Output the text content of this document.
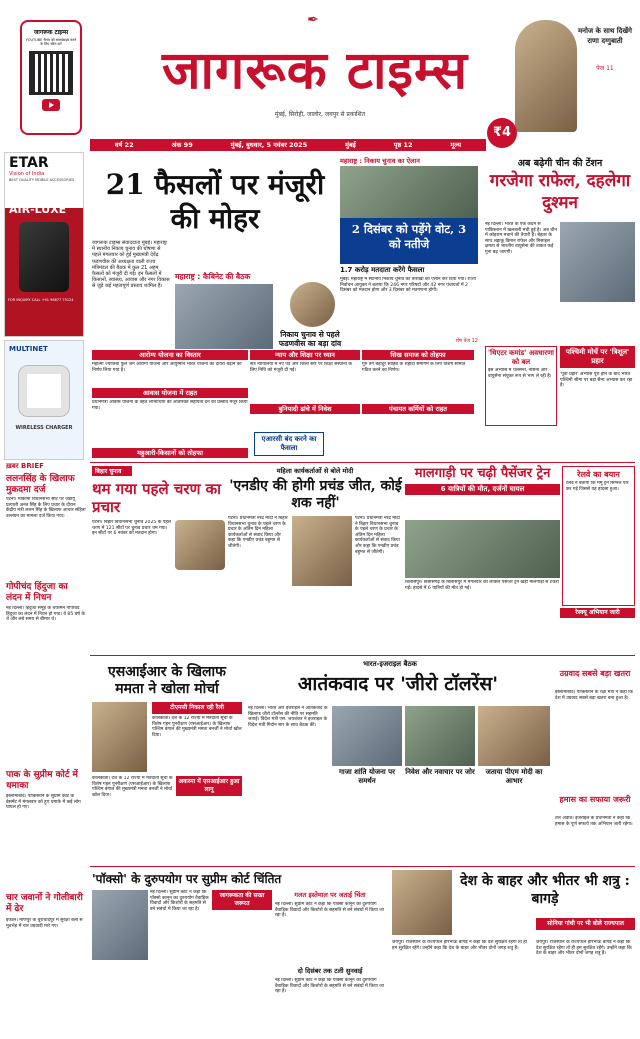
जागरूक टाइम्स
YOUTUBE चैनल को सब्सक्राइब करने के लिए स्कैन करें
✒
जागरूक टाइम्स
मुंबई, सिरोही, जालोर, जयपुर से प्रकाशित
मनोज के साथ दिखेंगे राणा दग्गुबाती
पेज 11
₹4
वर्ष 22	अंक 99	मुंबई, बुधवार, 5 नवंबर 2025	मुंबई	पृष्ठ 12	मूल्य
ETAR
Vision of India
BEST QUALITY MOBILE ACCESSORIES
AIR-LUXE
FOR INQUIRY CALL +91 98677 75124
MULTINET
WIRELESS CHARGER
ख़बर BRIEF
ललनसिंह के खिलाफ मुकदमा दर्ज
पटना। मोकामा विधानसभा सीट पर जेडीयू प्रत्याशी अनंत सिंह के लिए प्रचार के दौरान केंद्रीय मंत्री ललन सिंह के खिलाफ आचार संहिता उल्लंघन का मामला दर्ज किया गया।
गोपीचंद हिंदुजा का लंदन में निधन
नई दिल्ली। हिंदुजा समूह के चेयरमैन गोपीचंद हिंदुजा का लंदन में निधन हो गया। वे 85 वर्ष के थे और लंबे समय से बीमार थे।
पाक के सुप्रीम कोर्ट में धमाका
इस्लामाबाद। पाकिस्तान के सुप्रीम कोर्ट के बेसमेंट में मंगलवार को हुए धमाके में कई लोग घायल हो गए।
चार जवानों ने गोलीबारी में ढेर
इंफाल। मणिपुर के चुराचांदपुर में सुरक्षा बलों से मुठभेड़ में चार उग्रवादी मारे गए।
21 फैसलों पर मंजूरी की मोहर
जागरूक टाइम्स संवाददाता मुंबई। महाराष्ट्र में स्थानीय निकाय चुनाव की घोषणा से पहले मंगलवार को हुई मुख्यमंत्री देवेंद्र फडणवीस की अध्यक्षता वाली राज्य मंत्रिमंडल की बैठक में कुल 21 अहम फैसलों को मंजूरी दी गई। इन फैसलों में किसानों, स्वास्थ्य, आवास और नगर विकास से जुड़े कई महत्वपूर्ण प्रस्ताव शामिल हैं।
महाराष्ट्र : कैबिनेट की बैठक
निकाय चुनाव से पहले फडणवीस का बड़ा दांव
आरोग्य योजना का विस्तार
महात्मा ज्योतिबा फुले जन आरोग्य योजना और आयुष्मान भारत योजना का दायरा बढ़ाने का निर्णय लिया गया है।
आवास योजना में राहत
प्रधानमंत्री आवास योजना के तहत लाभार्थियों को अतिरिक्त सहायता देने का प्रस्ताव मंजूर किया गया।
महुआरी-किसानों को तोहफा
न्याय और शिक्षा पर ध्यान
सत्र न्यायालयों में नए पद और जिला स्तर पर शिक्षा संस्थानों के लिए निधि को मंजूरी दी गई।
सिख समाज को तोहफा
गुरु तेग बहादुर साहिब के शहीदी समागम के लिए विशेष समिति गठित करने का निर्णय।
बुनियादी ढांचे में निवेश	पंचायत कर्मियों को राहत
एआरसी बंद करने का फैसला
महाराष्ट्र : निकाय चुनाव का ऐलान
2 दिसंबर को पड़ेंगे वोट, 3 को नतीजे
1.7 करोड़ मतदाता करेंगे फैसला
मुंबई। महाराष्ट्र में स्थानीय निकाय चुनाव की तारीखों का ऐलान कर दिया गया। राज्य निर्वाचन आयुक्त ने बताया कि 246 नगर परिषदों और 42 नगर पंचायतों में 2 दिसंबर को मतदान होगा और 3 दिसंबर को मतगणना होगी।
शेष पेज 12
अब बढ़ेगी चीन की टेंशन
गरजेगा राफेल, दहलेगा दुश्मन
नई दिल्ली। भारत के एक कदम से पाकिस्तान में खलबली मची हुई है। अब चीन में कोहराम मचाने की तैयारी है। बेहतर के साथ लड़ाकू विमान राफेल और मिसाइल क्षमता से भारतीय वायुसेना की ताकत कई गुना बढ़ जाएगी।
'थिएटर कमांड' अवधारणा को बल
इस अभ्यास में थलसेना, नौसेना और वायुसेना संयुक्त रूप से भाग ले रही हैं।
पश्चिमी मोर्चे पर 'त्रिशूल' प्रहार
'पूर्वी प्रहार' अभ्यास पूरा होने के बाद भारत पश्चिमी सीमा पर बड़ा सैन्य अभ्यास कर रहा है।
बिहार चुनाव
थम गया पहले चरण का प्रचार
पटना। बिहार विधानसभा चुनाव 2025 के पहले चरण में 121 सीटों पर चुनाव प्रचार थम गया। इन सीटों पर 6 नवंबर को मतदान होगा।
महिला कार्यकर्ताओं से बोले मोदी
'एनडीए की होगी प्रचंड जीत, कोई शक नहीं'
पटना। प्रधानमंत्री नरेंद्र मोदी ने बिहार विधानसभा चुनाव के पहले चरण के प्रचार के अंतिम दिन महिला कार्यकर्ताओं से संवाद किया और कहा कि एनडीए प्रचंड बहुमत से जीतेगी।
पटना। प्रधानमंत्री नरेंद्र मोदी ने बिहार विधानसभा चुनाव के पहले चरण के प्रचार के अंतिम दिन महिला कार्यकर्ताओं से संवाद किया और कहा कि एनडीए प्रचंड बहुमत से जीतेगी।
मालगाड़ी पर चढ़ी पैसेंजर ट्रेन
6 यात्रियों की मौत, दर्जनों घायल
बिलासपुर। छत्तीसगढ़ के बिलासपुर में मंगलवार को लोकल पैसेंजर ट्रेन खड़ी मालगाड़ी से टकरा गई। हादसे में 6 यात्रियों की मौत हो गई।
रेस्क्यू अभियान जारी
रेलवे का बयान
रेलवे ने बताया कि मेमू ट्रेन सिग्नल पार कर गई जिससे यह हादसा हुआ।
एसआईआर के खिलाफ ममता ने खोला मोर्चा
टीएमसी निकाल रही रैली
कोलकाता। देश के 12 राज्यों में मतदाता सूची के विशेष गहन पुनरीक्षण (एसआईआर) के खिलाफ पश्चिम बंगाल की मुख्यमंत्री ममता बनर्जी ने मोर्चा खोल दिया।
कोलकाता। देश के 12 राज्यों में मतदाता सूची के विशेष गहन पुनरीक्षण (एसआईआर) के खिलाफ पश्चिम बंगाल की मुख्यमंत्री ममता बनर्जी ने मोर्चा खोल दिया।
अकस्मा में एसआईआर हुआ लागू
भारत-इजराइल बैठक
आतंकवाद पर 'जीरो टॉलरेंस'
नई दिल्ली। भारत और इजराइल ने आतंकवाद के खिलाफ जीरो टॉलरेंस की नीति पर सहमति जताई। विदेश मंत्री एस. जयशंकर ने इजराइल के विदेश मंत्री गिदोन सार के साथ बैठक की।
गाजा शांति योजना पर समर्थन
निवेश और नवाचार पर जोर	जताया पीएम मोदी का आभार
उग्रवाद सबसे बड़ा खतरा
इस्लामाबाद। पाकिस्तान के रक्षा मंत्री ने कहा कि देश में उग्रवाद सबसे बड़ा खतरा बना हुआ है।
हमास का सफाया जरूरी
तेल अवीव। इजराइल के प्रधानमंत्री ने कहा कि हमास के पूर्ण सफाये तक अभियान जारी रहेगा।
'पॉक्सो' के दुरुपयोग पर सुप्रीम कोर्ट चिंतित
नई दिल्ली। सुप्रीम कोर्ट ने कहा कि पॉक्सो कानून का दुरुपयोग वैवाहिक विवादों और किशोरों के सहमति से बने संबंधों में किया जा रहा है।
जागरूकता की सख्त जरूरत
गलत इस्तेमाल पर जताई चिंता
नई दिल्ली। सुप्रीम कोर्ट ने कहा कि पॉक्सो कानून का दुरुपयोग वैवाहिक विवादों और किशोरों के सहमति से बने संबंधों में किया जा रहा है।
दो दिसंबर तक टली सुनवाई
नई दिल्ली। सुप्रीम कोर्ट ने कहा कि पॉक्सो कानून का दुरुपयोग वैवाहिक विवादों और किशोरों के सहमति से बने संबंधों में किया जा रहा है।
देश के बाहर और भीतर भी शत्रु : बागड़े
जयपुर। राजस्थान के राज्यपाल हरिभाऊ बागड़े ने कहा कि देश सुरक्षित रहेगा तो ही हम सुरक्षित रहेंगे। उन्होंने कहा कि देश के बाहर और भीतर दोनों जगह शत्रु हैं।
सोनिया गांधी पर भी बोले राज्यपाल
जयपुर। राजस्थान के राज्यपाल हरिभाऊ बागड़े ने कहा कि देश सुरक्षित रहेगा तो ही हम सुरक्षित रहेंगे। उन्होंने कहा कि देश के बाहर और भीतर दोनों जगह शत्रु हैं।
